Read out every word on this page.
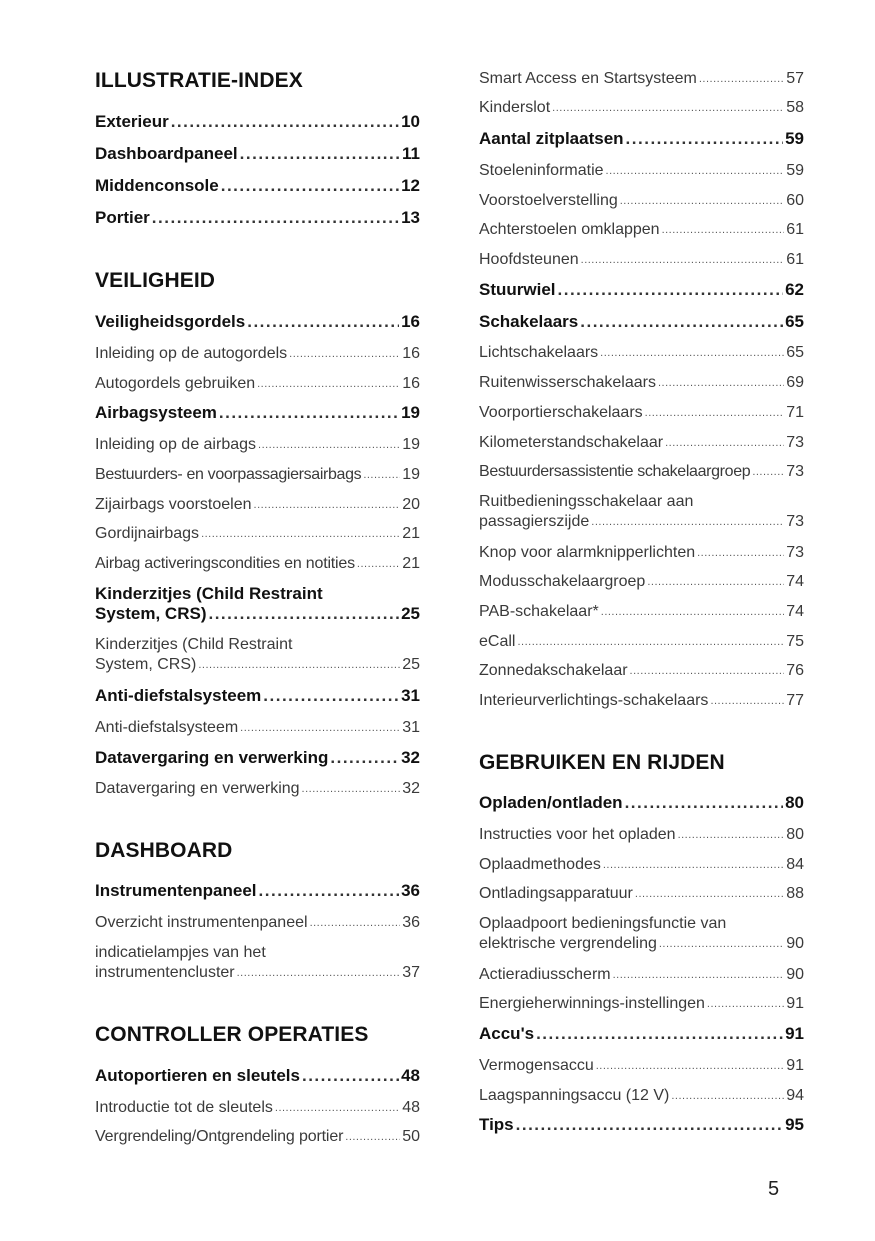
ILLUSTRATIE-INDEX
Exterieur .....	10
Dashboardpaneel .....	11
Middenconsole .....	12
Portier .....	13
VEILIGHEID
Veiligheidsgordels .....	16
Inleiding op de autogordels .....	16
Autogordels gebruiken .....	16
Airbagsysteem .....	19
Inleiding op de airbags .....	19
Bestuurders- en voorpassagiersairbags .....	19
Zijairbags voorstoelen .....	20
Gordijnairbags .....	21
Airbag activeringscondities en notities .....	21
Kinderzitjes (Child Restraint
System, CRS) .....	25
Kinderzitjes (Child Restraint
System, CRS) .....	25
Anti-diefstalsysteem .....	31
Anti-diefstalsysteem .....	31
Datavergaring en verwerking .....	32
Datavergaring en verwerking .....	32
DASHBOARD
Instrumentenpaneel .....	36
Overzicht instrumentenpaneel .....	36
indicatielampjes van het
instrumentencluster .....	37
CONTROLLER OPERATIES
Autoportieren en sleutels .....	48
Introductie tot de sleutels .....	48
Vergrendeling/Ontgrendeling portier .....	50
Smart Access en Startsysteem .....	57
Kinderslot .....	58
Aantal zitplaatsen .....	59
Stoeleninformatie .....	59
Voorstoelverstelling .....	60
Achterstoelen omklappen .....	61
Hoofdsteunen .....	61
Stuurwiel .....	62
Schakelaars .....	65
Lichtschakelaars .....	65
Ruitenwisserschakelaars .....	69
Voorportierschakelaars .....	71
Kilometerstandschakelaar .....	73
Bestuurdersassistentie schakelaargroep ..... 73
Ruitbedieningsschakelaar aan
passagierszijde .....	73
Knop voor alarmknipperlichten .....	73
Modusschakelaargroep .....	74
PAB-schakelaar* .....	74
eCall .....	75
Zonnedakschakelaar .....	76
Interieurverlichtings-schakelaars .....	77
GEBRUIKEN EN RIJDEN
Opladen/ontladen .....	80
Instructies voor het opladen .....	80
Oplaadmethodes .....	84
Ontladingsapparatuur .....	88
Oplaadpoort bedieningsfunctie van
elektrische vergrendeling .....	90
Actieradiusscherm .....	90
Energieherwinnings-instellingen .....	91
Accu's .....	91
Vermogensaccu .....	91
Laagspanningsaccu (12 V) .....	94
Tips .....	95
5
